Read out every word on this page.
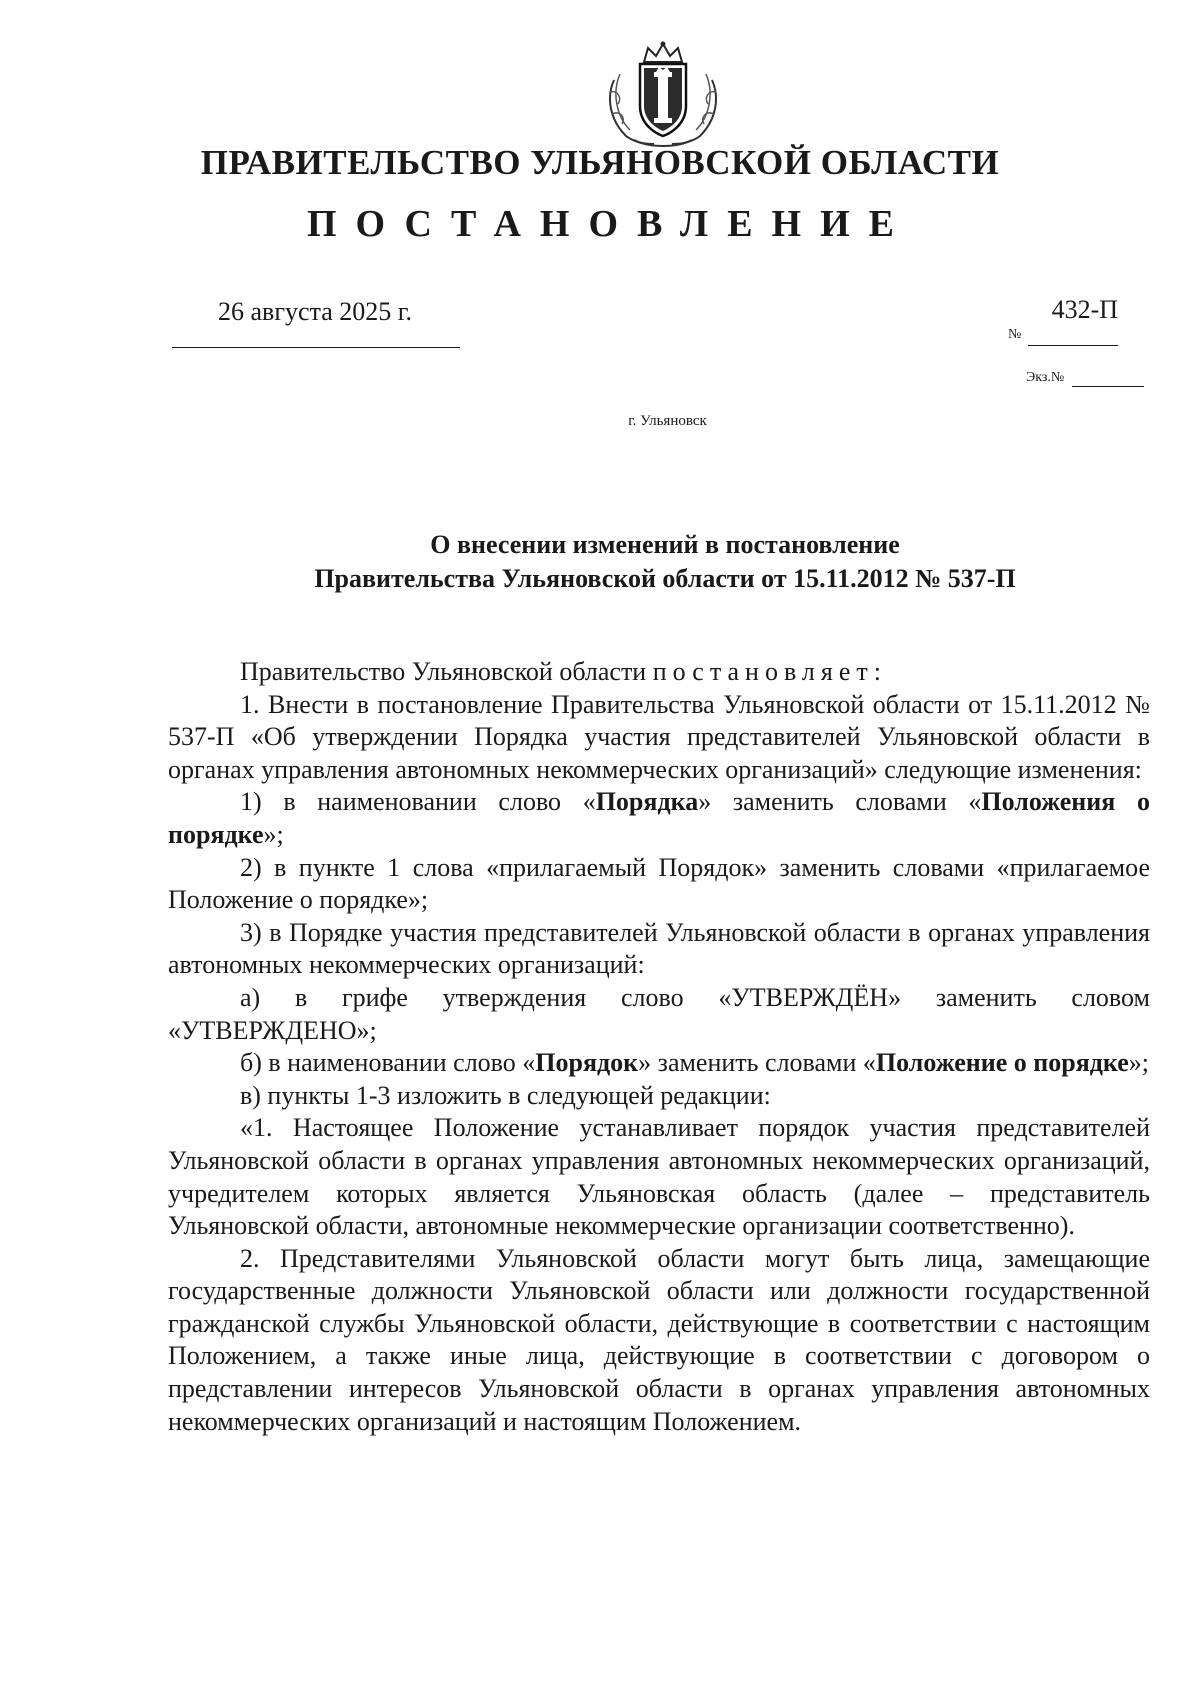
ПРАВИТЕЛЬСТВО УЛЬЯНОВСКОЙ ОБЛАСТИ
ПОСТАНОВЛЕНИЕ
26 августа 2025 г.	432-П
№
Экз.№
г. Ульяновск
О внесении изменений в постановление
Правительства Ульяновской области от 15.11.2012 № 537-П

Правительство Ульяновской области постановляет:

1. Внести в постановление Правительства Ульяновской области от 15.11.2012 № 537-П «Об утверждении Порядка участия представителей Ульяновской области в органах управления автономных некоммерческих организаций» следующие изменения:

1) в наименовании слово «Порядка» заменить словами «Положения о порядке»;

2) в пункте 1 слова «прилагаемый Порядок» заменить словами «прилагаемое Положение о порядке»;

3) в Порядке участия представителей Ульяновской области в органах управления автономных некоммерческих организаций:

а) в грифе утверждения слово «УТВЕРЖДЁН» заменить словом «УТВЕРЖДЕНО»;

б) в наименовании слово «Порядок» заменить словами «Положение о порядке»;

в) пункты 1-3 изложить в следующей редакции:

«1. Настоящее Положение устанавливает порядок участия представителей Ульяновской области в органах управления автономных некоммерческих организаций, учредителем которых является Ульяновская область (далее – представитель Ульяновской области, автономные некоммерческие организации соответственно).

2. Представителями Ульяновской области могут быть лица, замещающие государственные должности Ульяновской области или должности государственной гражданской службы Ульяновской области, действующие в соответствии с настоящим Положением, а также иные лица, действующие в соответствии с договором о представлении интересов Ульяновской области в органах управления автономных некоммерческих организаций и настоящим Положением.
